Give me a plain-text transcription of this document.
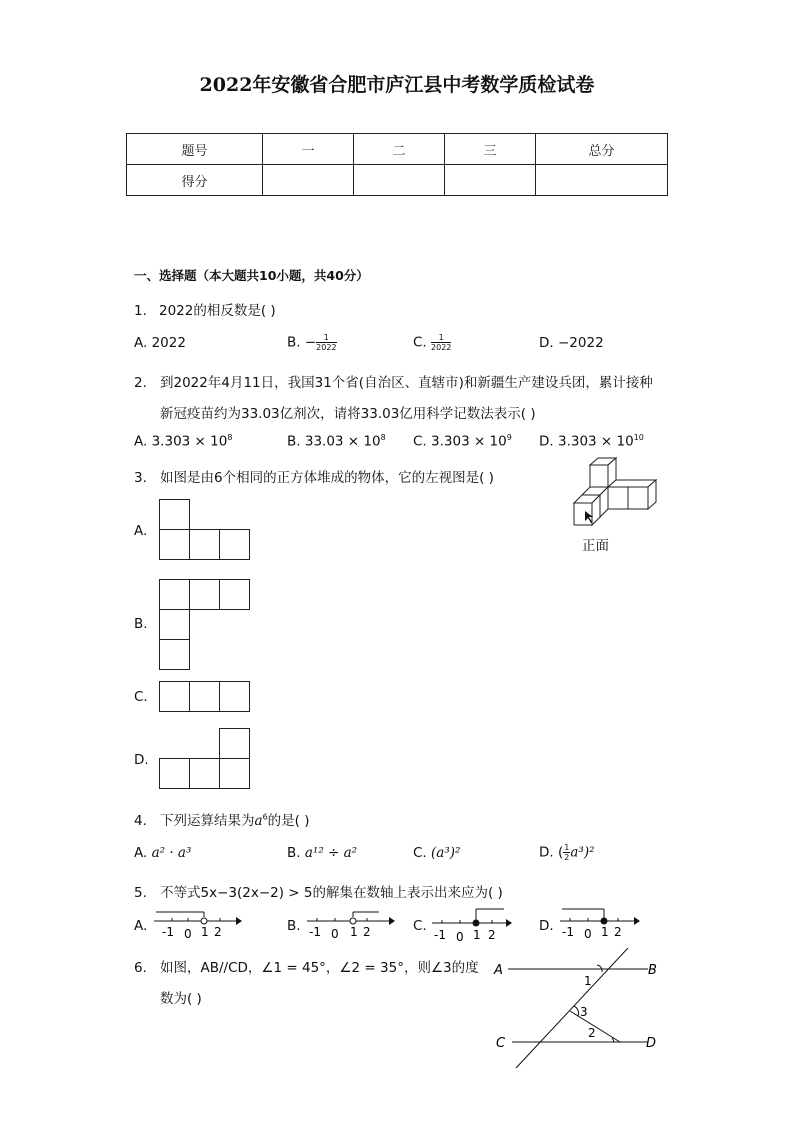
2022年安徽省合肥市庐江县中考数学质检试卷
题号	一	二	三	总分
得分				
一、选择题（本大题共10小题，共40分）
1. 2022的相反数是( )
A. 2022	B. − $\frac{1}{2022}$	C. $\frac{1}{2022}$	D. −2022
2. 到2022年4月11日，我国31个省(自治区、直辖市)和新疆生产建设兵团，累计接种
新冠疫苗约为33.03亿剂次，请将33.03亿用科学记数法表示( )
A. $3.303 \times 10^8$	B. $33.03 \times 10^8$ C. $3.303 \times 10^9$ D. $3.303 \times 10^{10}$
3. 如图是由6个相同的正方体堆成的物体，它的左视图是( )
正面
A.
B.
C.
D.
4. 下列运算结果为$a^6$的是( )
A. a² · a³	B. a¹² ÷ a²	C. (a³)²	D. ( $\frac{1}{2} a^3)^2$
5. 不等式5x−3(2x−2) > 5的解集在数轴上表示出来应为( )
A. -1 0 1 2	B. -1 0 1 2	C.
-1 0 1 2
D. -1 0 1 2
6. 如图，AB//CD，∠1 = 45°，∠2 = 35°，则∠3的度
数为( )
A	B
C	D
1
2
3
